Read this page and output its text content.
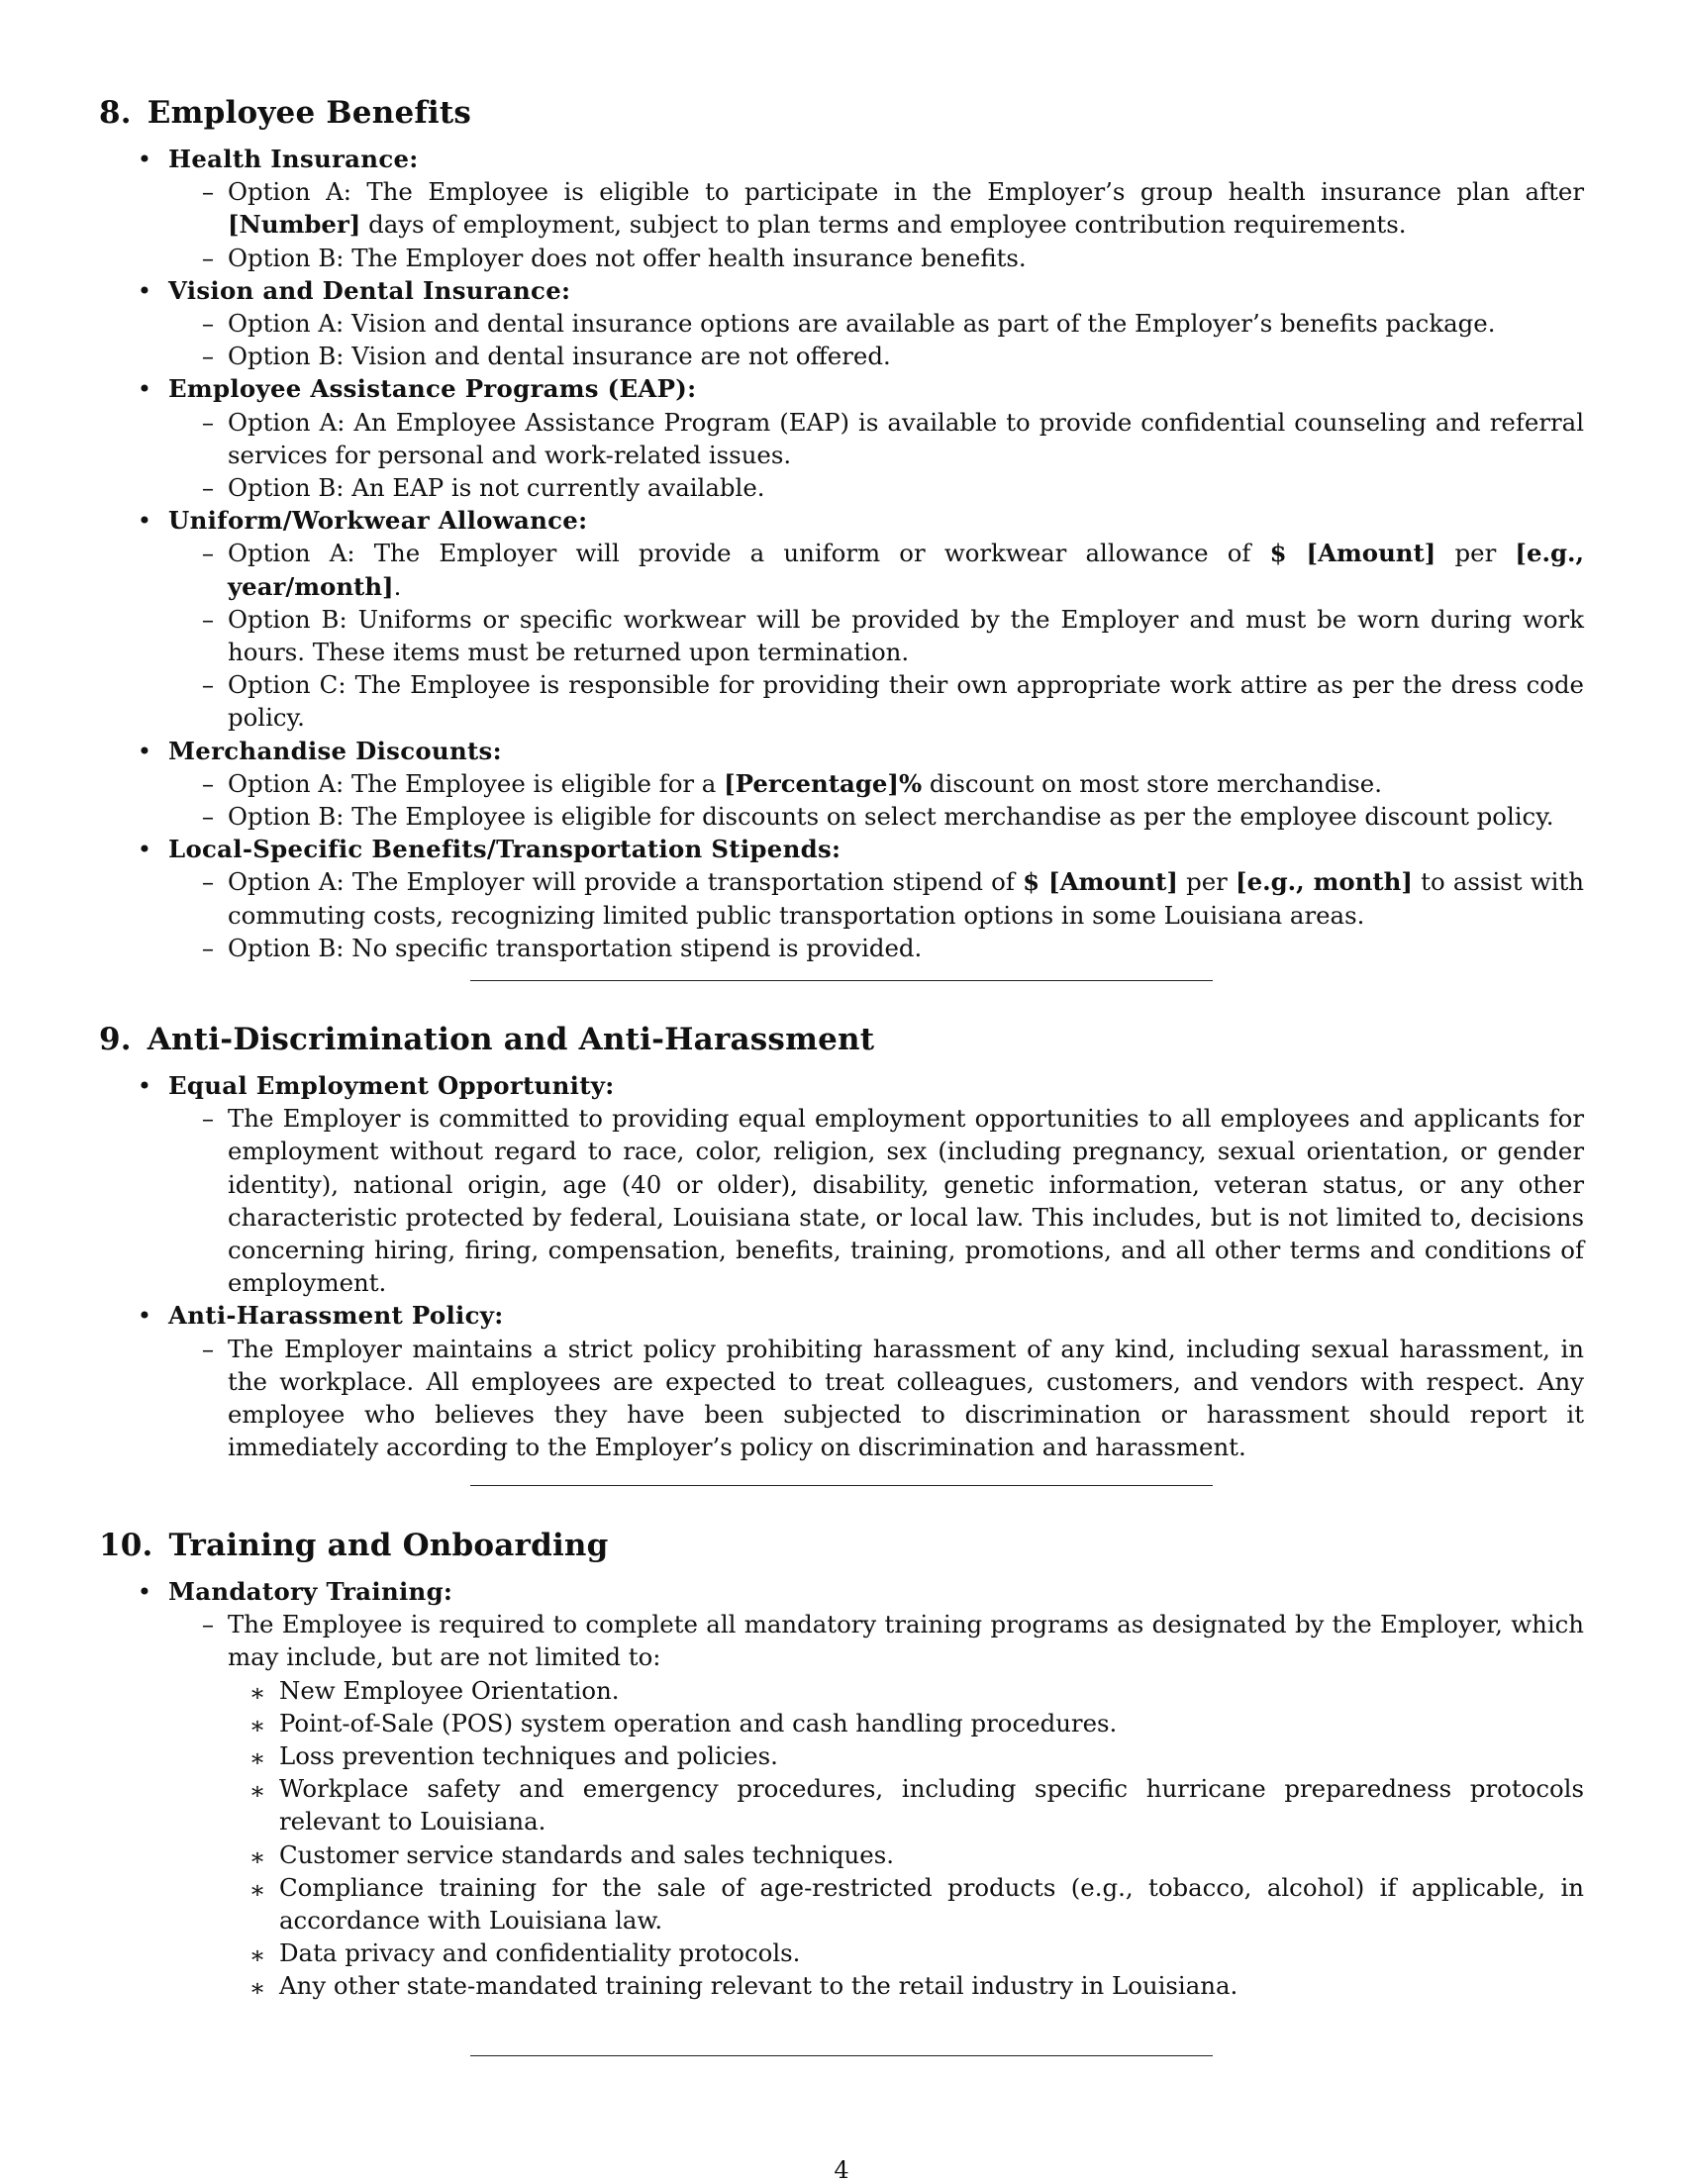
8. Employee Benefits
• Health Insurance:
– Option A: The Employee is eligible to participate in the Employer’s group health insurance plan after [Number] days of employment, subject to plan terms and employee contribution requirements.
– Option B: The Employer does not offer health insurance benefits.
• Vision and Dental Insurance:
– Option A: Vision and dental insurance options are available as part of the Employer’s benefits package.
– Option B: Vision and dental insurance are not offered.
• Employee Assistance Programs (EAP):
– Option A: An Employee Assistance Program (EAP) is available to provide confidential counseling and referral services for personal and work-related issues.
– Option B: An EAP is not currently available.
• Uniform/Workwear Allowance:
– Option A: The Employer will provide a uniform or workwear allowance of $ [Amount] per [e.g., year/month].
– Option B: Uniforms or specific workwear will be provided by the Employer and must be worn during work hours. These items must be returned upon termination.
– Option C: The Employee is responsible for providing their own appropriate work attire as per the dress code policy.
• Merchandise Discounts:
– Option A: The Employee is eligible for a [Percentage]% discount on most store merchandise.
– Option B: The Employee is eligible for discounts on select merchandise as per the employee discount policy.
• Local-Specific Benefits/Transportation Stipends:
– Option A: The Employer will provide a transportation stipend of $ [Amount] per [e.g., month] to assist with commuting costs, recognizing limited public transportation options in some Louisiana areas.
– Option B: No specific transportation stipend is provided.
9. Anti-Discrimination and Anti-Harassment
• Equal Employment Opportunity:
– The Employer is committed to providing equal employment opportunities to all employees and applicants for employment without regard to race, color, religion, sex (including pregnancy, sexual orientation, or gender identity), national origin, age (40 or older), disability, genetic information, veteran status, or any other characteristic protected by federal, Louisiana state, or local law. This includes, but is not limited to, decisions concerning hiring, firing, compensation, benefits, training, promotions, and all other terms and conditions of employment.
• Anti-Harassment Policy:
– The Employer maintains a strict policy prohibiting harassment of any kind, including sexual harassment, in the workplace. All employees are expected to treat colleagues, customers, and vendors with respect. Any employee who believes they have been subjected to discrimination or harassment should report it immediately according to the Employer’s policy on discrimination and harassment.
10. Training and Onboarding
• Mandatory Training:
– The Employee is required to complete all mandatory training programs as designated by the Employer, which may include, but are not limited to:
∗ New Employee Orientation.
∗ Point-of-Sale (POS) system operation and cash handling procedures.
∗ Loss prevention techniques and policies.
∗ Workplace safety and emergency procedures, including specific hurricane preparedness protocols relevant to Louisiana.
∗ Customer service standards and sales techniques.
∗ Compliance training for the sale of age-restricted products (e.g., tobacco, alcohol) if applicable, in accordance with Louisiana law.
∗ Data privacy and confidentiality protocols.
∗ Any other state-mandated training relevant to the retail industry in Louisiana.
4
